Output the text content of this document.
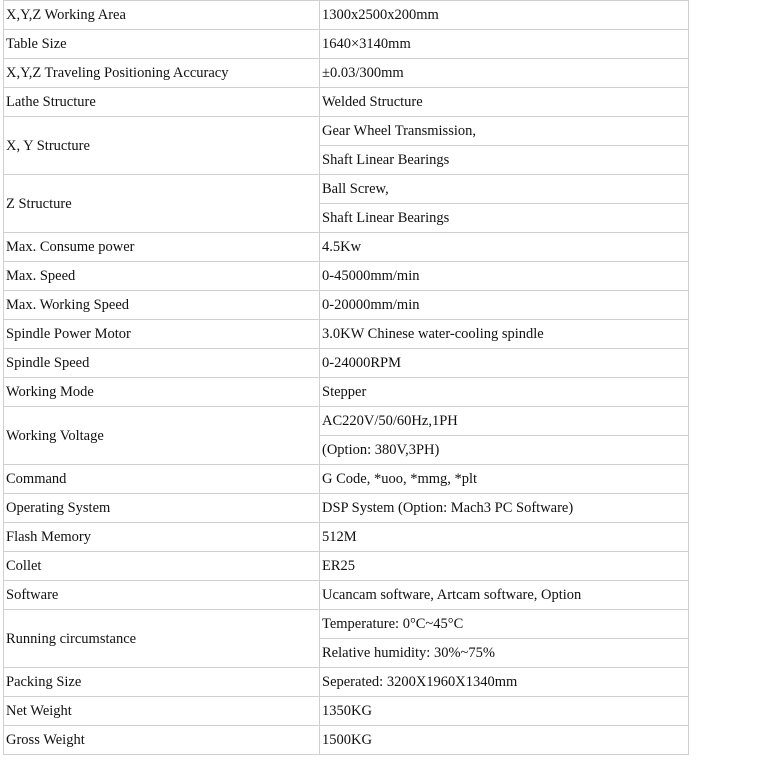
X,Y,Z Working Area	1300x2500x200mm
Table Size	1640×3140mm
X,Y,Z Traveling Positioning Accuracy	±0.03/300mm
Lathe Structure	Welded Structure
X, Y Structure	Gear Wheel Transmission,
	Shaft Linear Bearings
Z Structure	Ball Screw,
	Shaft Linear Bearings
Max. Consume power	4.5Kw
Max. Speed	0-45000mm/min
Max. Working Speed	0-20000mm/min
Spindle Power Motor	3.0KW Chinese water-cooling spindle
Spindle Speed	0-24000RPM
Working Mode	Stepper
Working Voltage	AC220V/50/60Hz,1PH
	(Option: 380V,3PH)
Command	G Code, *uoo, *mmg, *plt
Operating System	DSP System (Option: Mach3 PC Software)
Flash Memory	512M
Collet	ER25
Software	Ucancam software, Artcam software, Option
Running circumstance	Temperature: 0°C~45°C
	Relative humidity: 30%~75%
Packing Size	Seperated: 3200X1960X1340mm
Net Weight	1350KG
Gross Weight	1500KG
